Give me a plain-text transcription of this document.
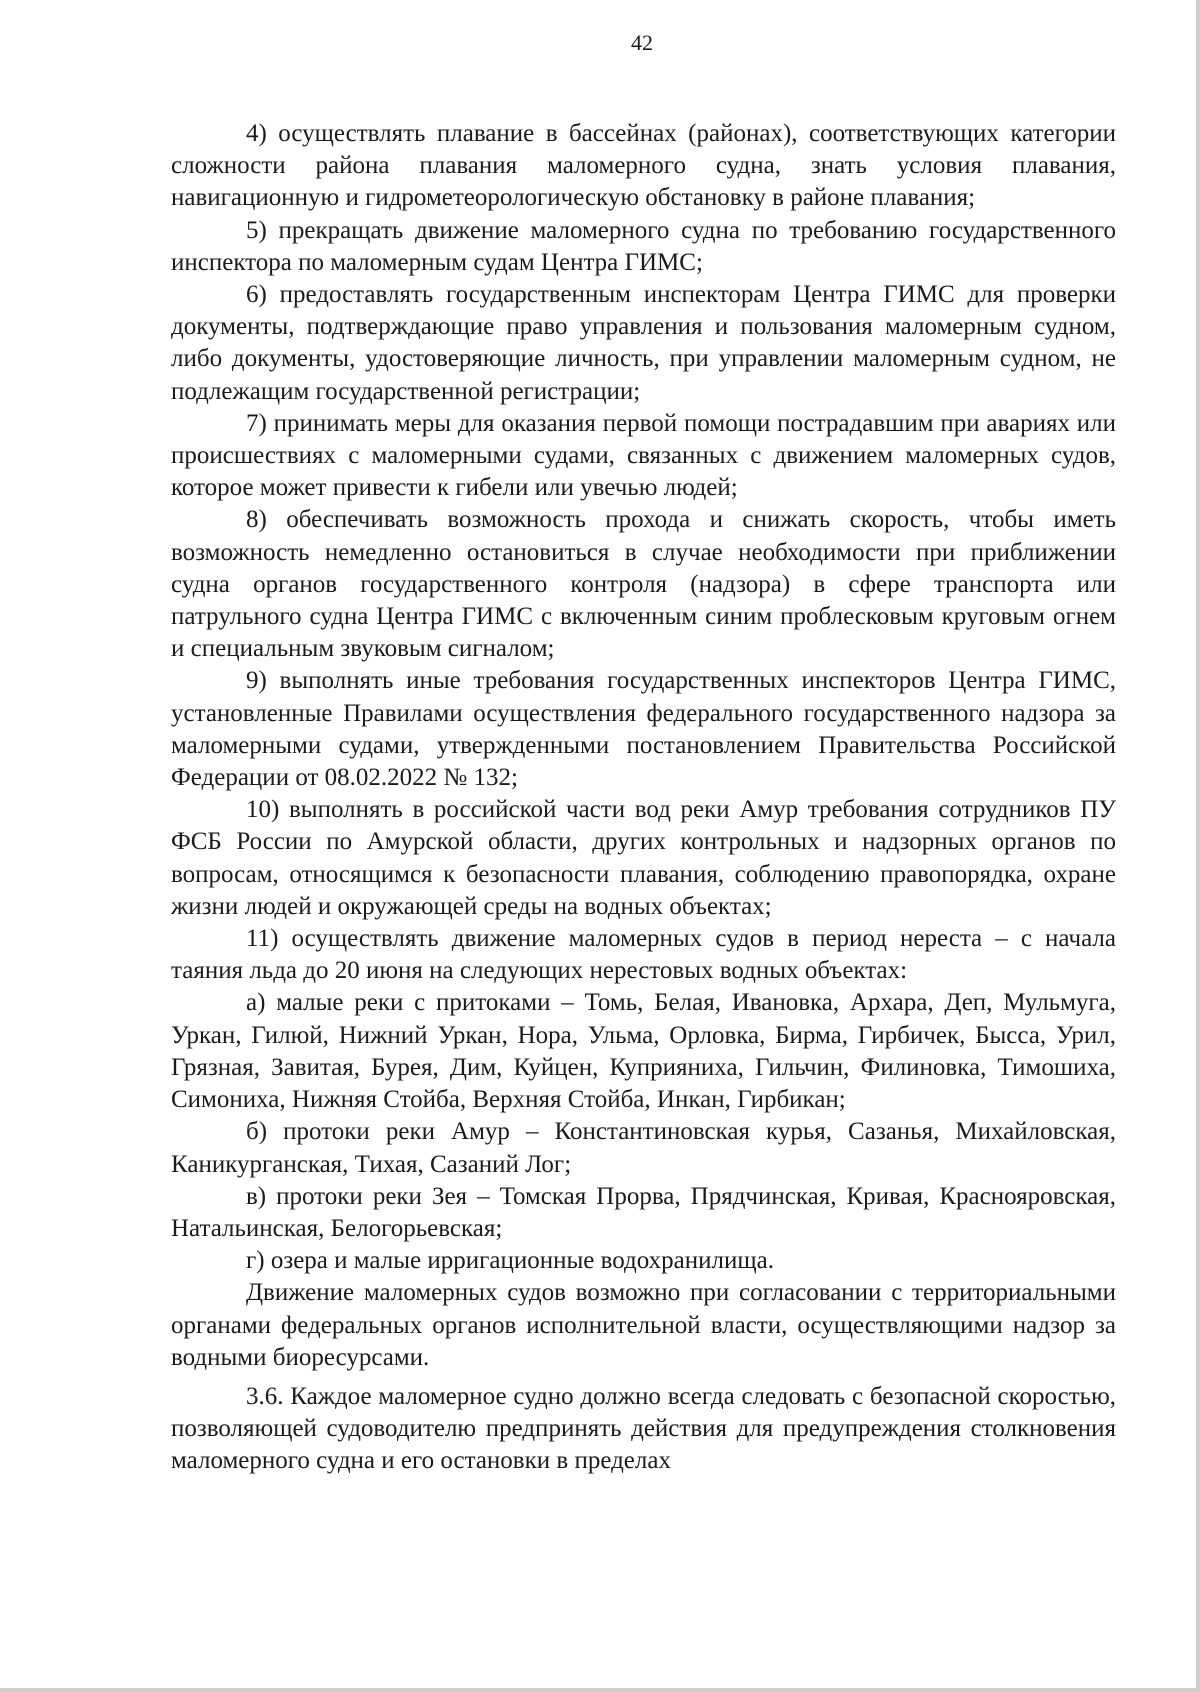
42

4) осуществлять плавание в бассейнах (районах), соответствующих категории сложности района плавания маломерного судна, знать условия плавания, навигационную и гидрометеорологическую обстановку в районе плавания;

5) прекращать движение маломерного судна по требованию государственного инспектора по маломерным судам Центра ГИМС;

6) предоставлять государственным инспекторам Центра ГИМС для проверки документы, подтверждающие право управления и пользования маломерным судном, либо документы, удостоверяющие личность, при управлении маломерным судном, не подлежащим государственной регистрации;

7) принимать меры для оказания первой помощи пострадавшим при авариях или происшествиях с маломерными судами, связанных с движением маломерных судов, которое может привести к гибели или увечью людей;

8) обеспечивать возможность прохода и снижать скорость, чтобы иметь возможность немедленно остановиться в случае необходимости при приближении судна органов государственного контроля (надзора) в сфере транспорта или патрульного судна Центра ГИМС с включенным синим проблесковым круговым огнем и специальным звуковым сигналом;

9) выполнять иные требования государственных инспекторов Центра ГИМС, установленные Правилами осуществления федерального государственного надзора за маломерными судами, утвержденными постановлением Правительства Российской Федерации от 08.02.2022 № 132;

10) выполнять в российской части вод реки Амур требования сотрудников ПУ ФСБ России по Амурской области, других контрольных и надзорных органов по вопросам, относящимся к безопасности плавания, соблюдению правопорядка, охране жизни людей и окружающей среды на водных объектах;

11) осуществлять движение маломерных судов в период нереста – с начала таяния льда до 20 июня на следующих нерестовых водных объектах:

а) малые реки с притоками – Томь, Белая, Ивановка, Архара, Деп, Мульмуга, Уркан, Гилюй, Нижний Уркан, Нора, Ульма, Орловка, Бирма, Гирбичек, Бысса, Урил, Грязная, Завитая, Бурея, Дим, Куйцен, Куприяниха, Гильчин, Филиновка, Тимошиха, Симониха, Нижняя Стойба, Верхняя Стойба, Инкан, Гирбикан;

б) протоки реки Амур – Константиновская курья, Сазанья, Михайловская, Каникурганская, Тихая, Сазаний Лог;

в) протоки реки Зея – Томская Прорва, Прядчинская, Кривая, Краснояровская, Натальинская, Белогорьевская;

г) озера и малые ирригационные водохранилища.

Движение маломерных судов возможно при согласовании с территориальными органами федеральных органов исполнительной власти, осуществляющими надзор за водными биоресурсами.

3.6. Каждое маломерное судно должно всегда следовать с безопасной скоростью, позволяющей судоводителю предпринять действия для предупреждения столкновения маломерного судна и его остановки в пределах
